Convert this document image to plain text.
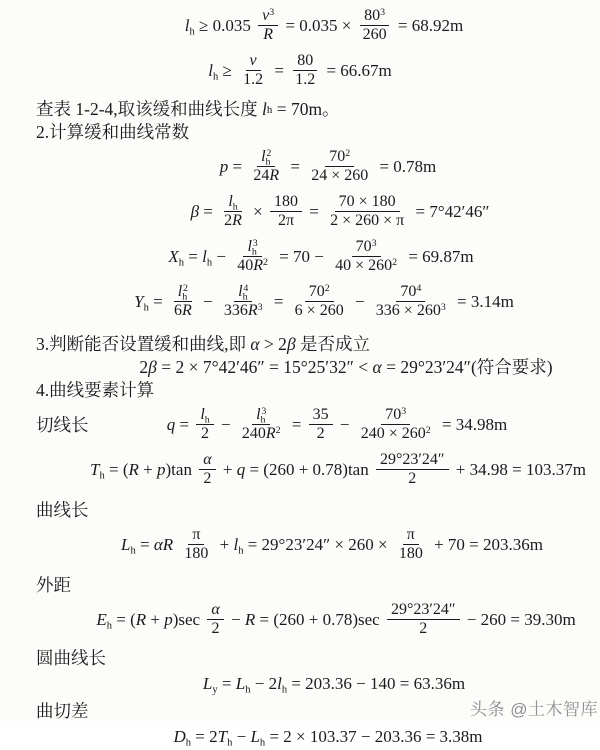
$l_h \ge 0.035 \frac{v^3}{R} = 0.035 \times \frac{80^3}{260} = 68.92m$
$l_h \ge \frac{v}{1.2} = \frac{80}{1.2} = 66.67m$
查表 1-2-4,取该缓和曲线长度 l h = 70m。
2.计算缓和曲线常数
$p = \frac{l_h^2}{24R} = \frac{70^2}{24 \times 260} = 0.78m$
$\beta = \frac{l_h}{2R} \times \frac{180}{2\pi} = \frac{70 \times 180}{2 \times 260 \times \pi} = 7^\circ 42'46''$
$X_h = l_h - \frac{l_h^3}{40R^2} = 70 - \frac{70^3}{40 \times 260^2} = 69.87m$
$Y_h = \frac{l_h^2}{6R} - \frac{l_h^4}{336R^3} = \frac{70^2}{6 \times 260} - \frac{70^4}{336 \times 260^3} = 3.14m$
3.判断能否设置缓和曲线,即 α > 2 β 是否成立
2β = 2 × 7°42′46″ = 15°25′32″ < α = 29°23′24″(符合要求)
4.曲线要素计算
切线长	$q = \frac{l_h}{2} - \frac{l_h^3}{240R^2} = \frac{35}{2} - \frac{70^3}{240 \times 260^2} = 34.98m$
$T_h = (R + p)\tan \frac{\alpha}{2} + q = (260 + 0.78)\tan \frac{29^\circ 23'24''}{2} + 34.98 = 103.37m$
曲线长
$L_h = \alpha R \frac{\pi}{180} + l_h = 29^\circ 23'24'' \times 260 \times \frac{\pi}{180} + 70 = 203.36m$
外距
$E_h = (R + p)\sec \frac{\alpha}{2} - R = (260 + 0.78)\sec \frac{29^\circ 23'24''}{2} - 260 = 39.30m$
圆曲线长
$L_y = L_h - 2l_h = 203.36 - 140 = 63.36m$
曲切差
$D_h = 2T_h - L_h = 2 \times 103.37 - 203.36 = 3.38m$
头条 @土木智库
